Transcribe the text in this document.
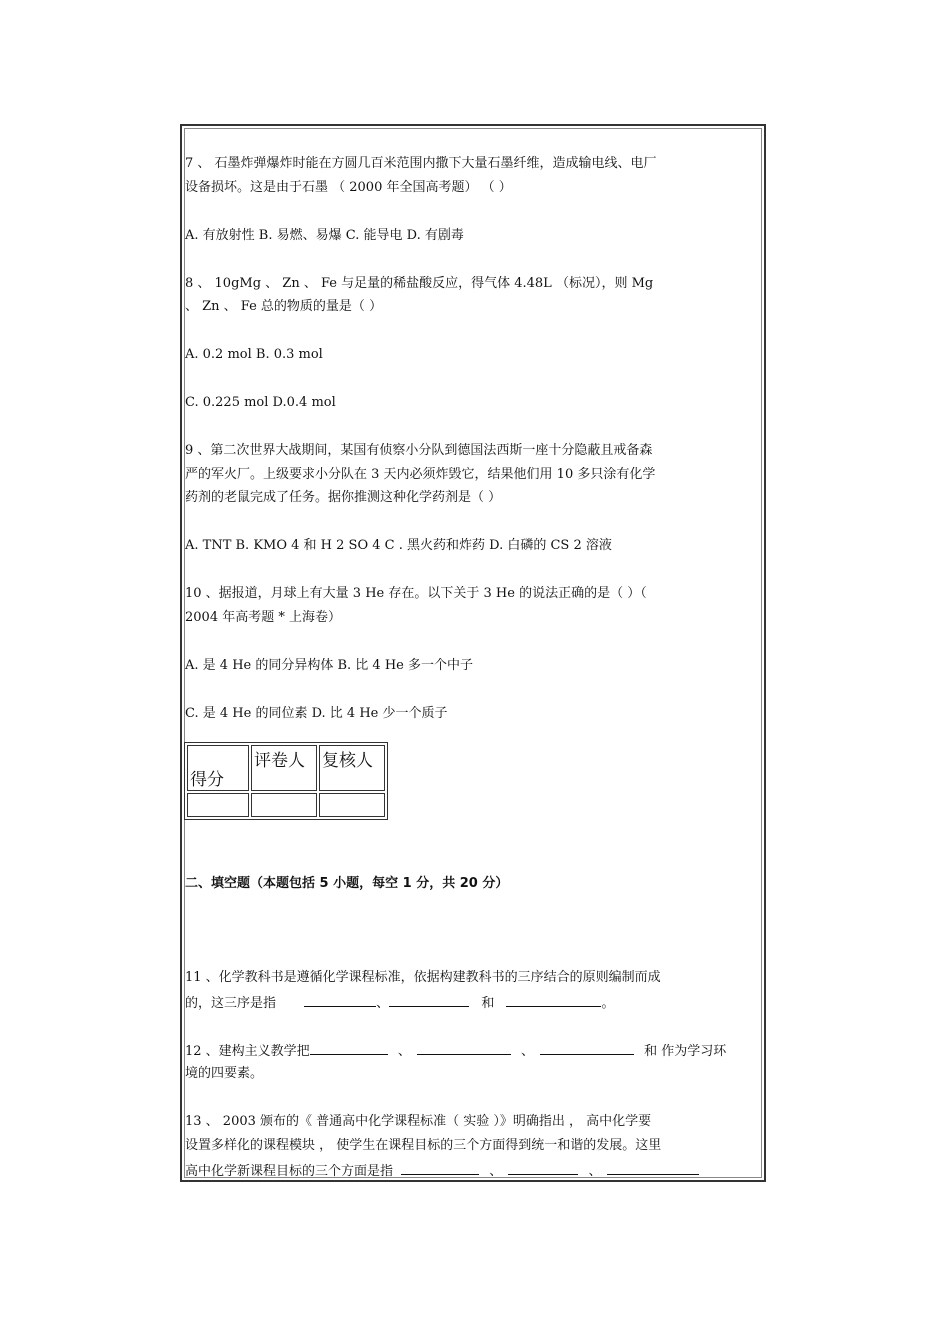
7 、 石墨炸弹爆炸时能在方圆几百米范围内撒下大量石墨纤维，造成输电线、电厂
设备损坏。这是由于石墨 （ 2000 年全国高考题） （ ）
A. 有放射性 B. 易燃、易爆 C. 能导电 D. 有剧毒
8 、 10gMg 、 Zn 、 Fe 与足量的稀盐酸反应，得气体 4.48L （标况），则 Mg
、 Zn 、 Fe 总的物质的量是（ ）
A. 0.2 mol B. 0.3 mol
C. 0.225 mol D.0.4 mol
9 、第二次世界大战期间，某国有侦察小分队到德国法西斯一座十分隐蔽且戒备森
严的军火厂。上级要求小分队在 3 天内必须炸毁它，结果他们用 10 多只涂有化学
药剂的老鼠完成了任务。据你推测这种化学药剂是（ ）
A. TNT B. KMO 4 和 H 2 SO 4 C . 黑火药和炸药 D. 白磷的 CS 2 溶液
10 、据报道，月球上有大量 3 He 存在。以下关于 3 He 的说法正确的是（ ）（
2004 年高考题 * 上海卷）
A. 是 4 He 的同分异构体 B. 比 4 He 多一个中子
C. 是 4 He 的同位素 D. 比 4 He 少一个质子
得分	评卷人	复核人

二、填空题（本题包括 5 小题，每空 1 分，共 20 分）
11 、化学教科书是遵循化学课程标准，依据构建教科书的三序结合的原则编制而成
的，这三序是指	、	和	。
12 、建构主义教学把	、	、	和 作为学习环
境的四要素。
13 、 2003 颁布的《 普通高中化学课程标准（ 实验 ）》明确指出 ， 高中化学要
设置多样化的课程模块 ， 使学生在课程目标的三个方面得到统一和谐的发展。这里
高中化学新课程目标的三个方面是指	、	、
